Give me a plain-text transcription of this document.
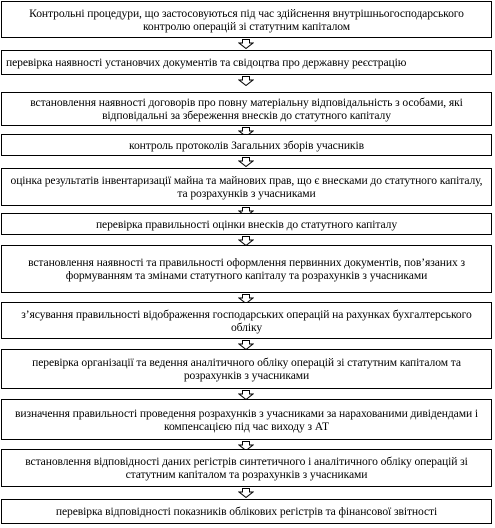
Контрольні процедури, що застосовуються під час здійснення внутрішньогосподарського контролю операцій зі статутним капіталом
перевірка наявності установчих документів та свідоцтва про державну реєстрацію
встановлення наявності договорів про повну матеріальну відповідальність з особами, які відповідальні за збереження внесків до статутного капіталу
контроль протоколів Загальних зборів учасників
оцінка результатів інвентаризації майна та майнових прав, що є внесками до статутного капіталу, та розрахунків з учасниками
перевірка правильності оцінки внесків до статутного капіталу
встановлення наявності та правильності оформлення первинних документів, пов’язаних з формуванням та змінами статутного капіталу та розрахунків з учасниками
з’ясування правильності відображення господарських операцій на рахунках бухгалтерського обліку
перевірка організації та ведення аналітичного обліку операцій зі статутним капіталом та розрахунків з учасниками
визначення правильності проведення розрахунків з учасниками за нарахованими дивідендами і компенсацією під час виходу з АТ
встановлення відповідності даних регістрів синтетичного і аналітичного обліку операцій зі статутним капіталом та розрахунків з учасниками
перевірка відповідності показників облікових регістрів та фінансової звітності
